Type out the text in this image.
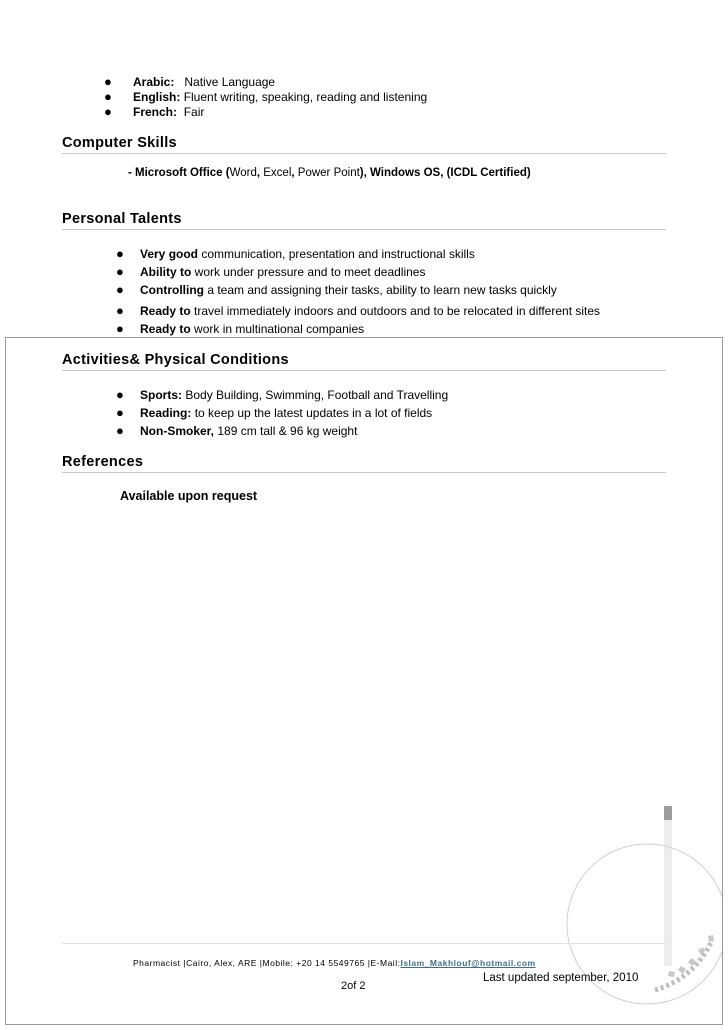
● Arabic: Native Language
● English: Fluent writing, speaking, reading and listening
● French: Fair
Computer Skills
- Microsoft Office (Word, Excel, Power Point), Windows OS, (ICDL Certified)
Personal Talents
● Very good communication, presentation and instructional skills
● Ability to work under pressure and to meet deadlines
● Controlling a team and assigning their tasks, ability to learn new tasks quickly
● Ready to travel immediately indoors and outdoors and to be relocated in different sites
● Ready to work in multinational companies
Activities& Physical Conditions
● Sports: Body Building, Swimming, Football and Travelling
● Reading: to keep up the latest updates in a lot of fields
● Non-Smoker, 189 cm tall & 96 kg weight
References
Available upon request
Pharmacist |Cairo, Alex, ARE |Mobile: +20 14 5549765 |E-Mail:Islam_Makhlouf@hotmail.com
Last updated september, 2010
2of 2
